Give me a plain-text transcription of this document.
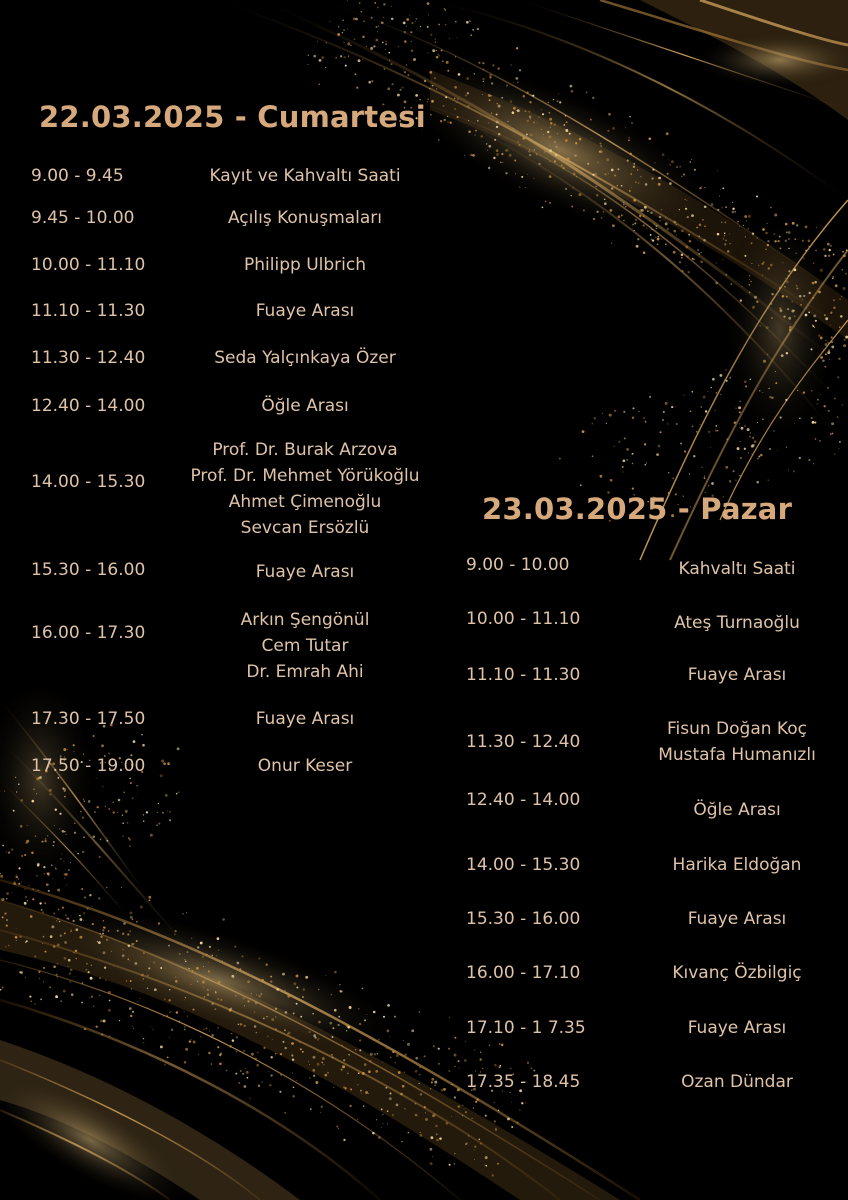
22.03.2025 - Cumartesi
9.00 - 9.45	Kayıt ve Kahvaltı Saati
9.45 - 10.00	Açılış Konuşmaları
10.00 - 11.10	Philipp Ulbrich
11.10 - 11.30	Fuaye Arası
11.30 - 12.40	Seda Yalçınkaya Özer
12.40 - 14.00	Öğle Arası
14.00 - 15.30
Prof. Dr. Burak Arzova
Prof. Dr. Mehmet Yörükoğlu
Ahmet Çimenoğlu
Sevcan Ersözlü
15.30 - 16.00	Fuaye Arası
16.00 - 17.30
Arkın Şengönül
Cem Tutar
Dr. Emrah Ahi
17.30 - 17.50	Fuaye Arası
17.50 - 19.00	Onur Keser
23.03.2025 - Pazar
9.00 - 10.00	Kahvaltı Saati
10.00 - 11.10	Ateş Turnaoğlu
11.10 - 11.30	Fuaye Arası
11.30 - 12.40
Fisun Doğan Koç
Mustafa Humanızlı
12.40 - 14.00	Öğle Arası
14.00 - 15.30	Harika Eldoğan
15.30 - 16.00	Fuaye Arası
16.00 - 17.10	Kıvanç Özbilgiç
17.10 - 1 7.35	Fuaye Arası
17.35 - 18.45	Ozan Dündar
